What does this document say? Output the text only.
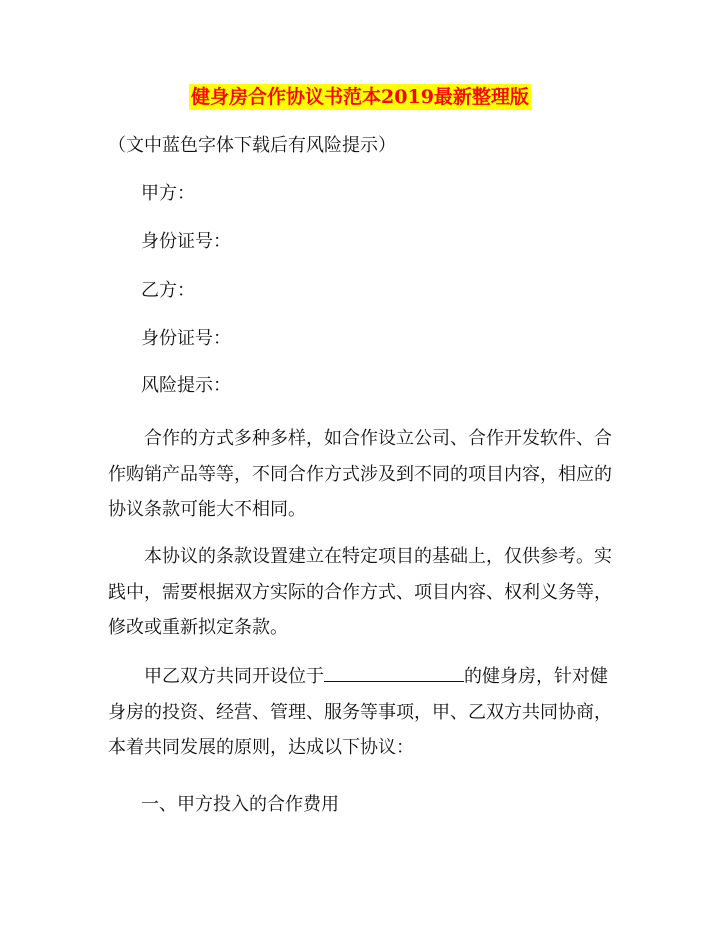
健身房合作协议书范本2019最新整理版
（文中蓝色字体下载后有风险提示）
甲方：
身份证号：
乙方：
身份证号：
风险提示：
合作的方式多种多样，如合作设立公司、合作开发软件、合作购销产品等等，不同合作方式涉及到不同的项目内容，相应的协议条款可能大不相同。
本协议的条款设置建立在特定项目的基础上，仅供参考。实践中，需要根据双方实际的合作方式、项目内容、权利义务等，修改或重新拟定条款。
甲乙双方共同开设位于	的健身房，针对健身房的投资、经营、管理、服务等事项，甲、乙双方共同协商，本着共同发展的原则，达成以下协议：
一、甲方投入的合作费用
